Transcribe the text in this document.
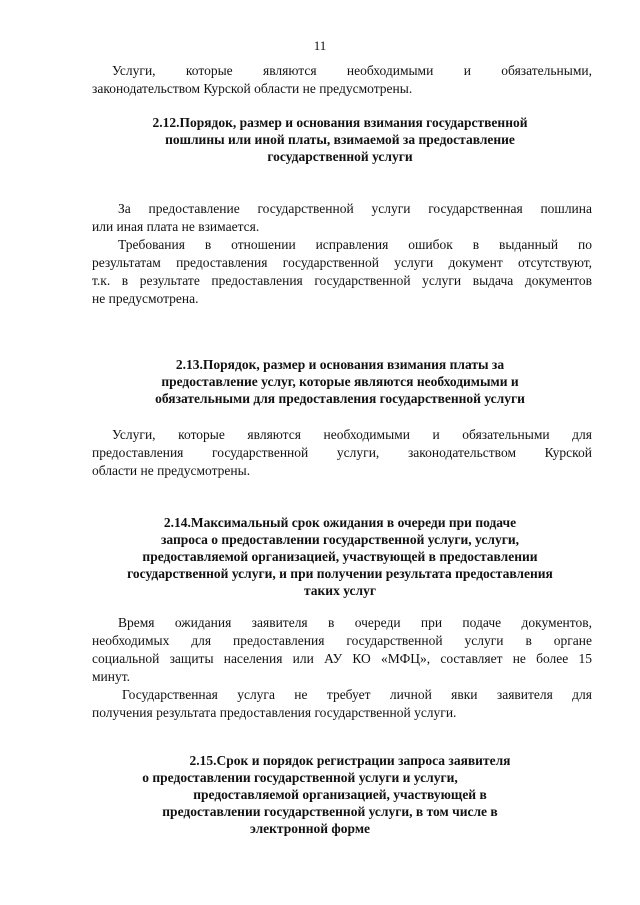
11
Услуги, которые являются необходимыми и обязательными,
законодательством Курской области не предусмотрены.
2.12.Порядок, размер и основания взимания государственной
пошлины или иной платы, взимаемой за предоставление
государственной услуги
За предоставление государственной услуги государственная пошлина
или иная плата не взимается.
Требования в отношении исправления ошибок в выданный по
результатам предоставления государственной услуги документ отсутствуют,
т.к. в результате предоставления государственной услуги выдача документов
не предусмотрена.
2.13.Порядок, размер и основания взимания платы за
предоставление услуг, которые являются необходимыми и
обязательными для предоставления государственной услуги
Услуги, которые являются необходимыми и обязательными для
предоставления государственной услуги, законодательством Курской
области не предусмотрены.
2.14.Максимальный срок ожидания в очереди при подаче
запроса о предоставлении государственной услуги, услуги,
предоставляемой организацией, участвующей в предоставлении
государственной услуги, и при получении результата предоставления
таких услуг
Время ожидания заявителя в очереди при подаче документов,
необходимых для предоставления государственной услуги в органе
социальной защиты населения или АУ КО «МФЦ», составляет не более 15
минут.
Государственная услуга не требует личной явки заявителя для
получения результата предоставления государственной услуги.
2.15.Срок и порядок регистрации запроса заявителя
о предоставлении государственной услуги и услуги,
предоставляемой организацией, участвующей в
предоставлении государственной услуги, в том числе в
электронной форме
